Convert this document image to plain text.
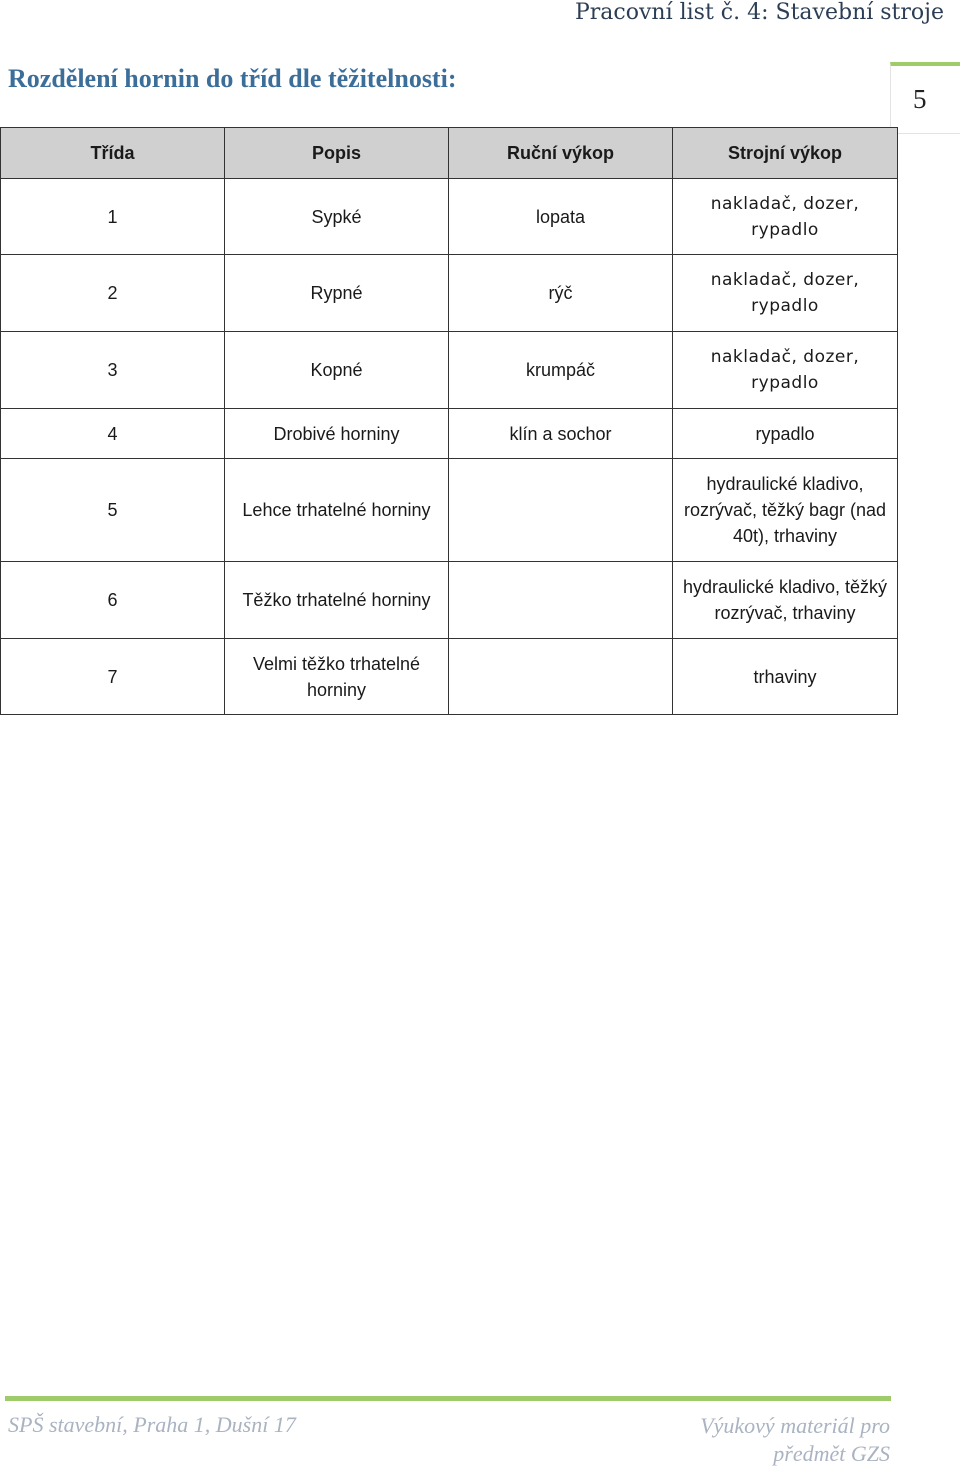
Pracovní list č. 4: Stavební stroje
Rozdělení hornin do tříd dle těžitelnosti:
5
Třída	Popis	Ruční výkop	Strojní výkop
1	Sypké	lopata	nakladač, dozer, rypadlo
2	Rypné	rýč	nakladač, dozer, rypadlo
3	Kopné	krumpáč	nakladač, dozer, rypadlo
4	Drobivé horniny	klín a sochor	rypadlo
5	Lehce trhatelné horniny		hydraulické kladivo, rozrývač, těžký bagr (nad 40t), trhaviny
6	Těžko trhatelné horniny		hydraulické kladivo, těžký rozrývač, trhaviny
7	Velmi těžko trhatelné horniny		trhaviny
SPŠ stavební, Praha 1, Dušní 17	Výukový materiál pro
předmět GZS
